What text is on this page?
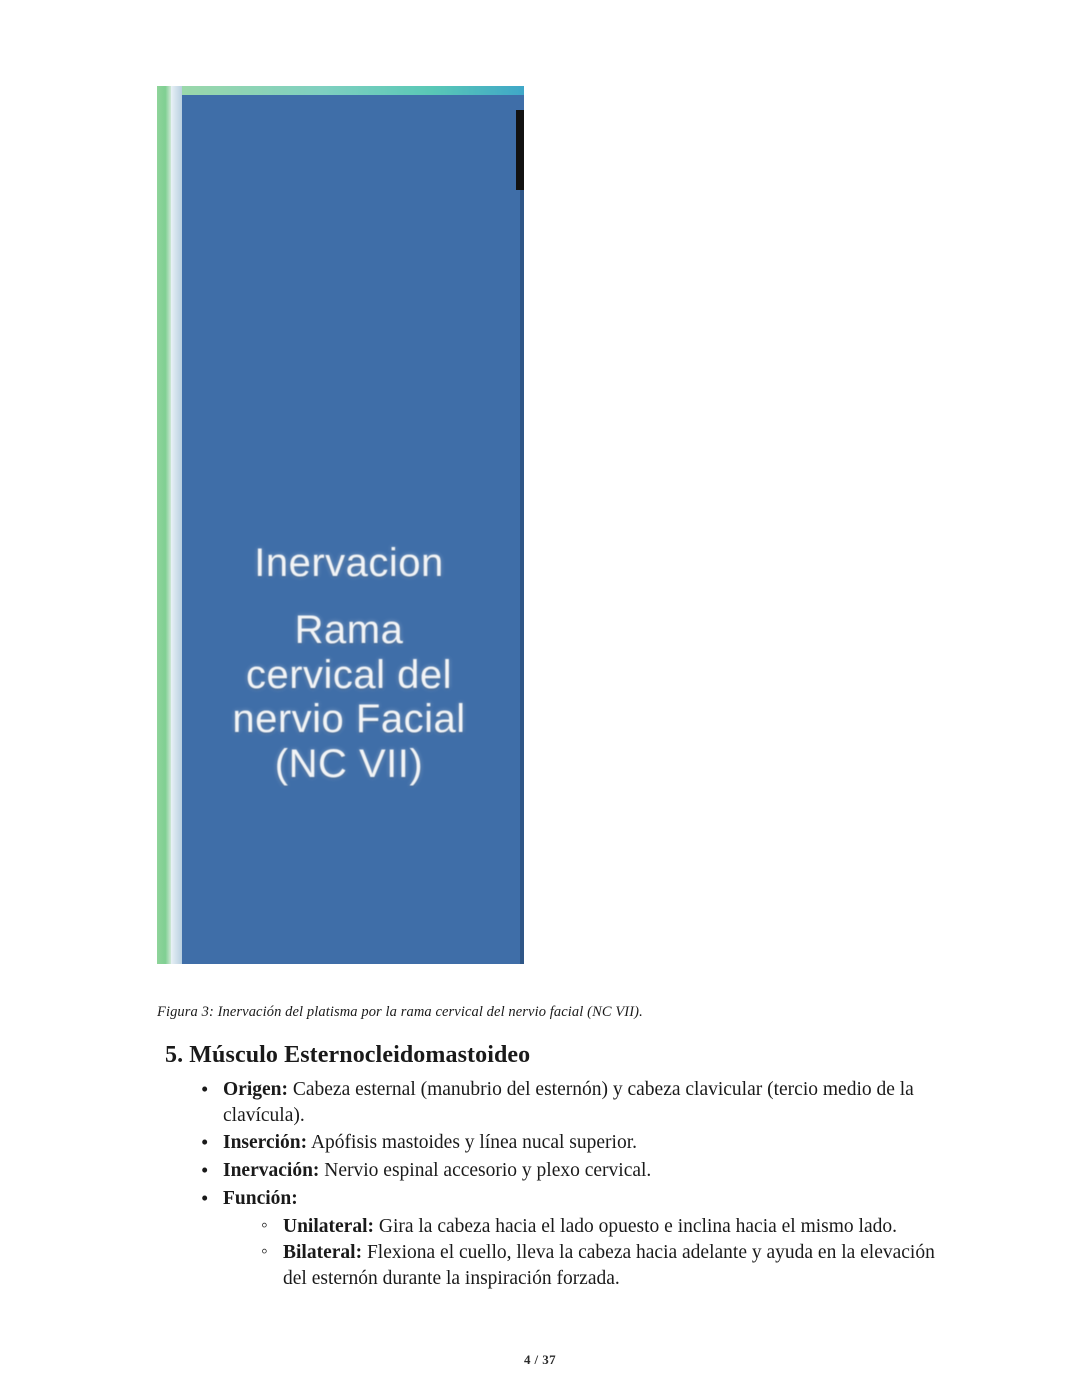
Inervacion
Rama
cervical del
nervio Facial
(NC VII)
Figura 3: Inervación del platisma por la rama cervical del nervio facial (NC VII).
5. Músculo Esternocleidomastoideo
• Origen: Cabeza esternal (manubrio del esternón) y cabeza clavicular (tercio medio de la clavícula).
• Inserción: Apófisis mastoides y línea nucal superior.
• Inervación: Nervio espinal accesorio y plexo cervical.
• Función:
◦ Unilateral: Gira la cabeza hacia el lado opuesto e inclina hacia el mismo lado.
◦ Bilateral: Flexiona el cuello, lleva la cabeza hacia adelante y ayuda en la elevación del esternón durante la inspiración forzada.
4 / 37
